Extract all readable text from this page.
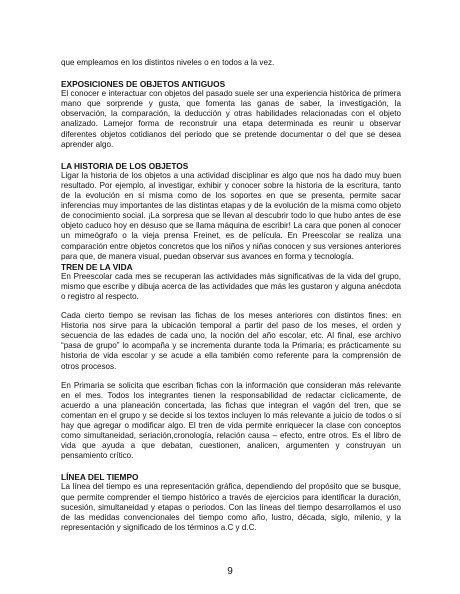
que empleamos en los distintos niveles o en todos a la vez.

EXPOSICIONES DE OBJETOS ANTIGUOS

El conocer e interactuar con objetos del pasado suele ser una experiencia histórica de primera mano que sorprende y gusta, que fomenta las ganas de saber, la investigación, la observación, la comparación, la deducción y otras habilidades relacionadas con el objeto analizado. Lamejor forma de reconstruir una etapa determinada es reunir u observar diferentes objetos cotidianos del periodo que se pretende documentar o del que se desea aprender algo.

LA HISTORIA DE LOS OBJETOS

Ligar la historia de los objetos a una actividad disciplinar es algo que nos ha dado muy buen resultado. Por ejemplo, al investigar, exhibir y conocer sobre la historia de la escritura, tanto de la evolución en sí misma como de los soportes en que se presenta, permite sacar inferencias muy importantes de las distintas etapas y de la evolución de la misma como objeto de conocimiento social. ¡La sorpresa que se llevan al descubrir todo lo que hubo antes de ese objeto caduco hoy en desuso que se llama máquina de escribir! La cara que ponen al conocer un mimeógrafo o la vieja prensa Freinet, es de película. En Preescolar se realiza una comparación entre objetos concretos que los niños y niñas conocen y sus versiones anteriores para que, de manera visual, puedan observar sus avances en forma y tecnología.

TREN DE LA VIDA

En Preescolar cada mes se recuperan las actividades más significativas de la vida del grupo, mismo que escribe y dibuja acerca de las actividades que más les gustaron y alguna anécdota o registro al respecto.

Cada cierto tiempo se revisan las fichas de los meses anteriores con distintos fines: en Historia nos sirve para la ubicación temporal a partir del paso de los meses, el orden y secuencia de las edades de cada uno, la noción del año escolar, etc. Al final, ese archivo “pasa de grupo” lo acompaña y se incrementa durante toda la Primaria; es prácticamente su historia de vida escolar y se acude a ella también como referente para la comprensión de otros procesos.

En Primaria se solicita que escriban fichas con la información que consideran más relevante en el mes. Todos los integrantes tienen la responsabilidad de redactar cíclicamente, de acuerdo a una planeación concertada, las fichas que integran el vagón del tren, que se comentan en el grupo y se decide si los textos incluyen lo más relevante a juicio de todos o si hay que agregar o modificar algo. El tren de vida permite enriquecer la clase con conceptos como simultaneidad, seriación,cronología, relación causa – efecto, entre otros. Es el libro de vida que ayuda a que debatan, cuestionen, analicen, argumenten y construyan un pensamiento crítico.

LÍNEA DEL TIEMPO

La línea del tiempo es una representación gráfica, dependiendo del propósito que se busque, que permite comprender el tiempo histórico a través de ejercicios para identificar la duración, sucesión, simultaneidad y etapas o periodos. Con las líneas del tiempo desarrollamos el uso de las medidas convencionales del tiempo como año, lustro, década, siglo, milenio, y la representación y significado de los términos a.C y d.C.

9
